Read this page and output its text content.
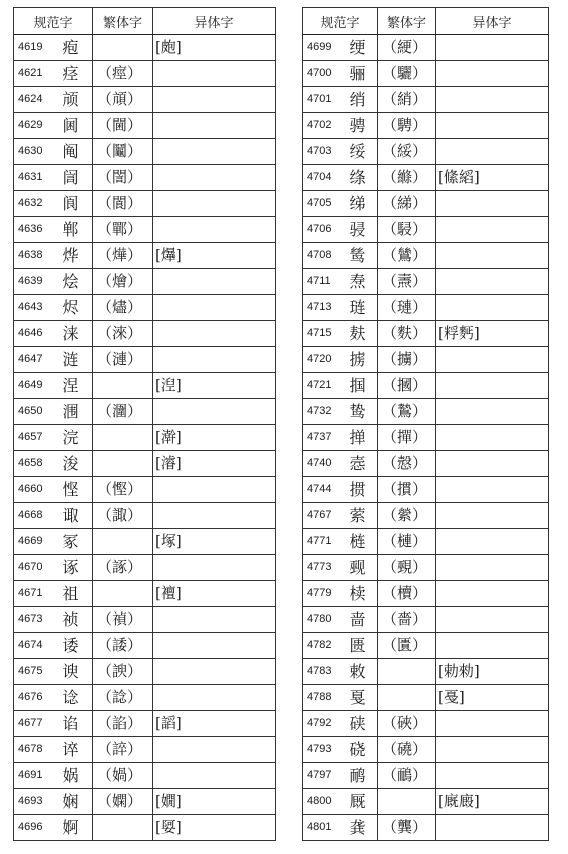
规范字		繁体字	异体字
4619	疱		[皰]
4621	痉	（痙）	
4624	颃	（頏）	
4629	阃	（閫）	
4630	阄	（鬮）	
4631	訚	（誾）	
4632	阆	（閬）	
4636	郸	（鄲）	
4638	烨	（燁）	[爗]
4639	烩	（燴）	
4643	烬	（燼）	
4646	涞	（淶）	
4647	涟	（漣）	
4649	涅		[湼]
4650	涠	（潿）	
4657	浣		[澣]
4658	浚		[濬]
4660	悭	（慳）	
4668	诹	（諏）	
4669	冢		[塚]
4670	诼	（諑）	
4671	祖		[襢]
4673	祯	（禎）	
4674	诿	（諉）	
4675	谀	（諛）	
4676	谂	（諗）	
4677	谄	（諂）	[謟]
4678	谇	（誶）	
4691	娲	（媧）	
4693	娴	（嫻）	[嫺]
4696	婀		[娿]
规范字		繁体字	异体字
4699	绠	（綆）	
4700	骊	（驪）	
4701	绡	（綃）	
4702	骋	（騁）	
4703	绥	（綏）	
4704	绦	（縧）	[絛縚]
4705	绨	（綈）	
4706	骎	（駸）	
4708	鸶	（鷥）	
4711	焘	（燾）	
4713	琏	（璉）	
4715	麸	（麩）	[粰麫]
4720	掳	（擄）	
4721	掴	（摑）	
4732	鸷	（鷙）	
4737	掸	（撣）	
4740	悫	（慤）	
4744	掼	（摜）	
4767	萦	（縈）	
4771	梿	（槤）	
4773	觋	（覡）	
4779	椟	（櫝）	
4780	啬	（嗇）	
4782	匮	（匱）	
4783	敕		[勅勑]
4788	戛		[戞]
4792	硖	（硤）	
4793	硗	（磽）	
4797	鸸	（鴯）	
4800	厩		[廐廄]
4801	龚	（龔）	
